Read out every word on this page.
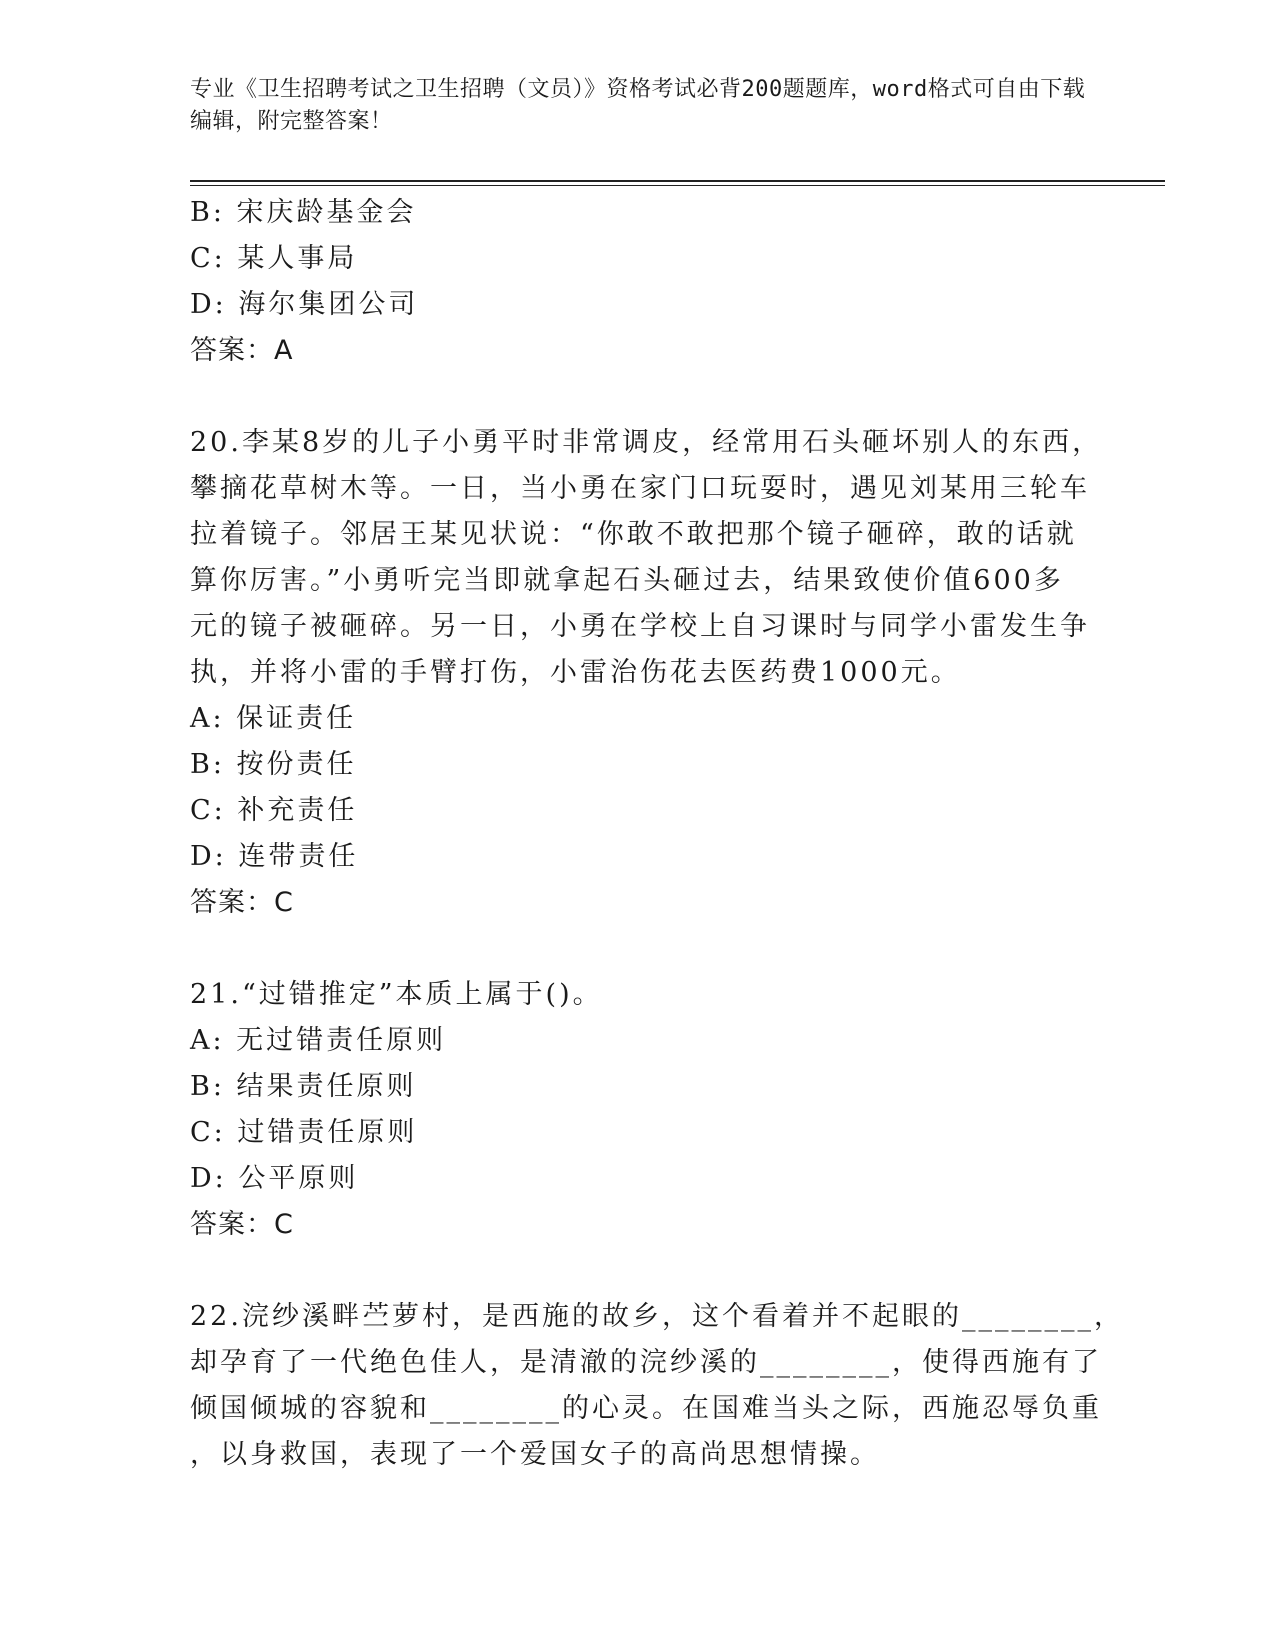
专业《卫生招聘考试之卫生招聘（文员）》资格考试必背200题题库，word格式可自由下载编辑，附完整答案！
B: 宋庆龄基金会
C: 某人事局
D: 海尔集团公司
答案：A
20.李某8岁的儿子小勇平时非常调皮，经常用石头砸坏别人的东西，
攀摘花草树木等。一日，当小勇在家门口玩耍时，遇见刘某用三轮车
拉着镜子。邻居王某见状说：“你敢不敢把那个镜子砸碎，敢的话就
算你厉害。”小勇听完当即就拿起石头砸过去，结果致使价值600多
元的镜子被砸碎。另一日，小勇在学校上自习课时与同学小雷发生争
执，并将小雷的手臂打伤，小雷治伤花去医药费1000元。
A: 保证责任
B: 按份责任
C: 补充责任
D: 连带责任
答案：C
21.“过错推定”本质上属于()。
A: 无过错责任原则
B: 结果责任原则
C: 过错责任原则
D: 公平原则
答案：C
22.浣纱溪畔苎萝村，是西施的故乡，这个看着并不起眼的________，
却孕育了一代绝色佳人，是清澈的浣纱溪的________，使得西施有了
倾国倾城的容貌和________的心灵。在国难当头之际，西施忍辱负重
，以身救国，表现了一个爱国女子的高尚思想情操。
